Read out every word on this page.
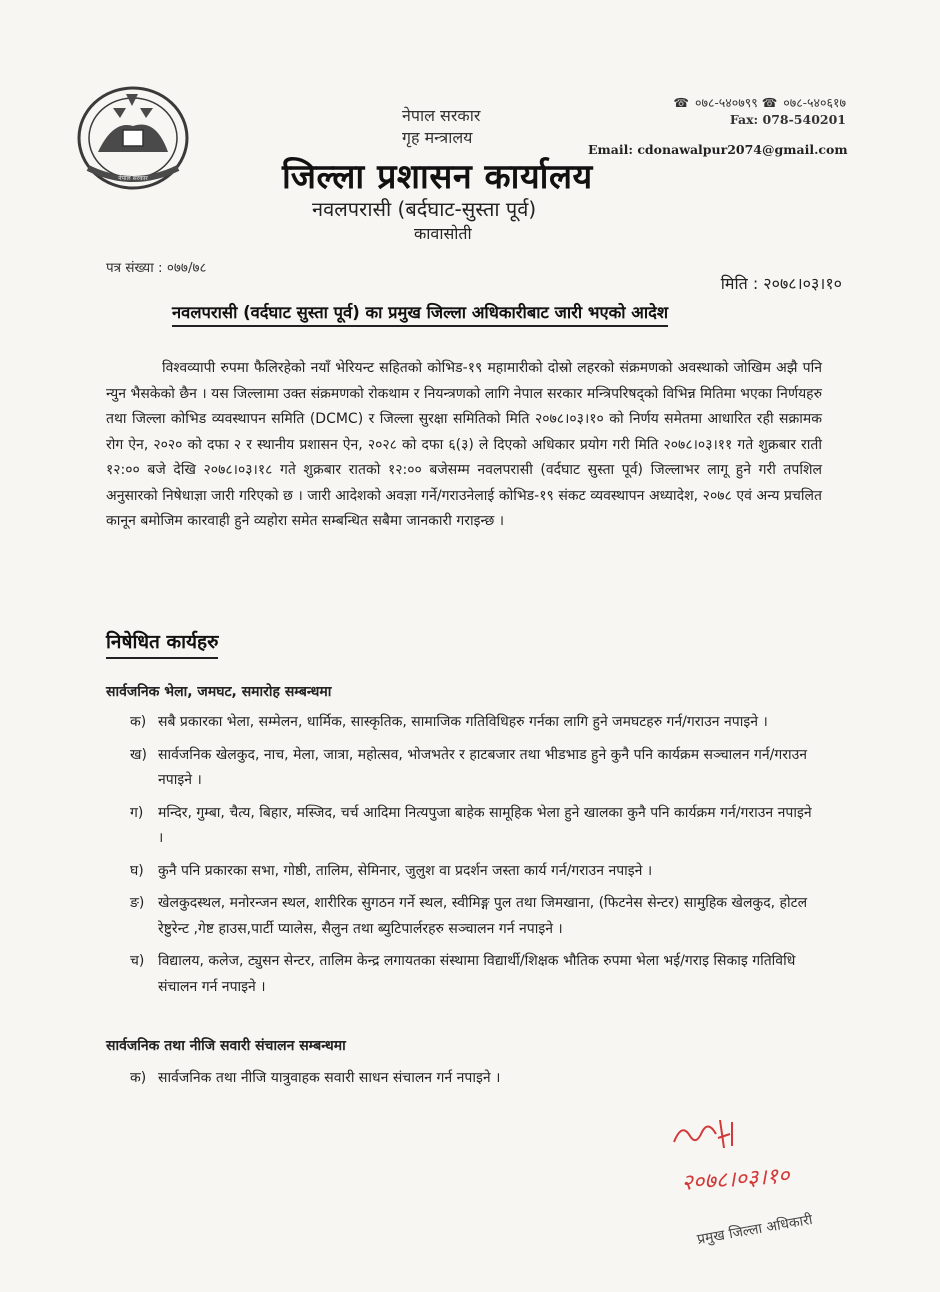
नेपाल सरकार
नेपाल सरकार
गृह मन्त्रालय
जिल्ला प्रशासन कार्यालय
नवलपरासी (बर्दघाट-सुस्ता पूर्व)
कावासोती
☎ ०७८-५४०७९९
☎ ०७८-५४०६१७
Fax: 078-540201
Email: cdonawalpur2074@gmail.com
पत्र संख्या : ०७७/७८
मिति : २०७८।०३।१०
नवलपरासी (वर्दघाट सुस्ता पूर्व) का प्रमुख जिल्ला अधिकारीबाट जारी भएको आदेश

विश्वव्यापी रुपमा फैलिरहेको नयाँ भेरियन्ट सहितको कोभिड-१९ महामारीको दोस्रो लहरको संक्रमणको अवस्थाको जोखिम अझै पनि न्युन भैसकेको छैन । यस जिल्लामा उक्त संक्रमणको रोकथाम र नियन्त्रणको लागि नेपाल सरकार मन्त्रिपरिषद्को विभिन्न मितिमा भएका निर्णयहरु तथा जिल्ला कोभिड व्यवस्थापन समिति (DCMC) र जिल्ला सुरक्षा समितिको मिति २०७८।०३।१० को निर्णय समेतमा आधारित रही सक्रामक रोग ऐन, २०२० को दफा २ र स्थानीय प्रशासन ऐन, २०२८ को दफा ६(३) ले दिएको अधिकार प्रयोग गरी मिति २०७८।०३।११ गते शुक्रबार राती १२:०० बजे देखि २०७८।०३।१८ गते शुक्रबार रातको १२:०० बजेसम्म नवलपरासी (वर्दघाट सुस्ता पूर्व) जिल्लाभर लागू हुने गरी तपशिल अनुसारको निषेधाज्ञा जारी गरिएको छ । जारी आदेशको अवज्ञा गर्ने/गराउनेलाई कोभिड-१९ संकट व्यवस्थापन अध्यादेश, २०७८ एवं अन्य प्रचलित कानून बमोजिम कारवाही हुने व्यहोरा समेत सम्बन्धित सबैमा जानकारी गराइन्छ ।

निषेधित कार्यहरु
सार्वजनिक भेला, जमघट, समारोह सम्बन्धमा
क) सबै प्रकारका भेला, सम्मेलन, धार्मिक, सास्कृतिक, सामाजिक गतिविधिहरु गर्नका लागि हुने जमघटहरु गर्न/गराउन नपाइने ।
ख) सार्वजनिक खेलकुद, नाच, मेला, जात्रा, महोत्सव, भोजभतेर र हाटबजार तथा भीडभाड हुने कुनै पनि कार्यक्रम सञ्चालन गर्न/गराउन नपाइने ।
ग)	मन्दिर, गुम्बा, चैत्य, बिहार, मस्जिद, चर्च आदिमा नित्यपुजा बाहेक सामूहिक भेला हुने खालका कुनै पनि कार्यक्रम गर्न/गराउन नपाइने ।
घ)	कुनै पनि प्रकारका सभा, गोष्ठी, तालिम, सेमिनार, जुलुश वा प्रदर्शन जस्ता कार्य गर्न/गराउन नपाइने ।
ङ) खेलकुदस्थल, मनोरन्जन स्थल, शारीरिक सुगठन गर्ने स्थल, स्वीमिङ्ग पुल तथा जिमखाना, (फिटनेस सेन्टर) सामुहिक खेलकुद, होटल रेष्टुरेन्ट ,गेष्ट हाउस,पार्टी प्यालेस, सैलुन तथा ब्युटिपार्लरहरु सञ्चालन गर्न नपाइने ।
च) विद्यालय, कलेज, ट्युसन सेन्टर, तालिम केन्द्र लगायतका संस्थामा विद्यार्थी/शिक्षक भौतिक रुपमा भेला भई/गराइ सिकाइ गतिविधि संचालन गर्न नपाइने ।
सार्वजनिक तथा नीजि सवारी संचालन सम्बन्धमा
क) सार्वजनिक तथा नीजि यात्रुवाहक सवारी साधन संचालन गर्न नपाइने ।
२०७८।०३।१०
प्रमुख जिल्ला अधिकारी
